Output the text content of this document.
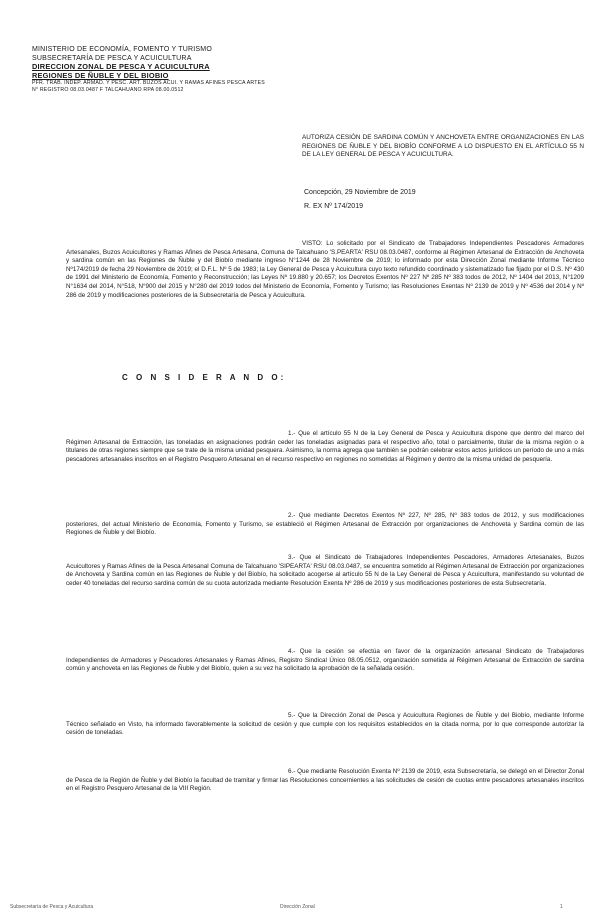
MINISTERIO DE ECONOMÍA, FOMENTO Y TURISMO
SUBSECRETARÍA DE PESCA Y ACUICULTURA
DIRECCION ZONAL DE PESCA Y ACUICULTURA
REGIONES DE ÑUBLE Y DEL BIOBIO
PFR. TRAB. INDEP. ARMAD. Y PESC. ART. BUZOS ACUI. Y RAMAS AFINES PESCA ARTES
N° REGISTRO 08.03.0487 F TALCAHUANO RPA 08.00.0512
AUTORIZA CESIÓN DE SARDINA COMÚN Y ANCHOVETA ENTRE ORGANIZACIONES EN LAS REGIONES DE ÑUBLE Y DEL BIOBÍO CONFORME A LO DISPUESTO EN EL ARTÍCULO 55 N DE LA LEY GENERAL DE PESCA Y ACUICULTURA.
Concepción, 29 Noviembre de 2019
R. EX Nº 174/2019
VISTO: Lo solicitado por el Sindicato de Trabajadores Independientes Pescadores Armadores Artesanales, Buzos Acuicultores y Ramas Afines de Pesca Artesana, Comuna de Talcahuano 'S.PEARTA' RSU 08.03.0487, conforme al Régimen Artesanal de Extracción de Anchoveta y sardina común en las Regiones de Ñuble y del Biobío mediante ingreso N°1244 de 28 Noviembre de 2019; lo informado por esta Dirección Zonal mediante Informe Técnico Nº174/2019 de fecha 29 Noviembre de 2019; el D.F.L. Nº 5 de 1983; la Ley General de Pesca y Acuicultura cuyo texto refundido coordinado y sistematizado fue fijado por el D.S. Nº 430 de 1991 del Ministerio de Economía, Fomento y Reconstrucción; las Leyes Nº 19.880 y 20.657; los Decretos Exentos Nº 227 Nº 285 Nº 383 todos de 2012, Nº 1404 del 2013, N°1209 N°1634 del 2014, N°518, N°900 del 2015 y N°280 del 2019 todos del Ministerio de Economía, Fomento y Turismo; las Resoluciones Exentas Nº 2139 de 2019 y Nº 4536 del 2014 y Nº 286 de 2019 y modificaciones posteriores de la Subsecretaría de Pesca y Acuicultura.
C O N S I D E R A N D O:
1.- Que el artículo 55 N de la Ley General de Pesca y Acuicultura dispone que dentro del marco del Régimen Artesanal de Extracción, las toneladas en asignaciones podrán ceder las toneladas asignadas para el respectivo año, total o parcialmente, titular de la misma región o a titulares de otras regiones siempre que se trate de la misma unidad pesquera. Asimismo, la norma agrega que también se podrán celebrar estos actos jurídicos un período de uno a más pescadores artesanales inscritos en el Registro Pesquero Artesanal en el recurso respectivo en regiones no sometidas al Régimen y dentro de la misma unidad de pesquería.
2.- Que mediante Decretos Exentos Nº 227, Nº 285, Nº 383 todos de 2012, y sus modificaciones posteriores, del actual Ministerio de Economía, Fomento y Turismo, se estableció el Régimen Artesanal de Extracción por organizaciones de Anchoveta y Sardina común de las Regiones de Ñuble y del Biobío.
3.- Que el Sindicato de Trabajadores Independientes Pescadores, Armadores Artesanales, Buzos Acuicultores y Ramas Afines de la Pesca Artesanal Comuna de Talcahuano 'SIPEARTA' RSU 08.03.0487, se encuentra sometido al Régimen Artesanal de Extracción por organizaciones de Anchoveta y Sardina común en las Regiones de Ñuble y del Biobío, ha solicitado acogerse al artículo 55 N de la Ley General de Pesca y Acuicultura, manifestando su voluntad de ceder 40 toneladas del recurso sardina común de su cuota autorizada mediante Resolución Exenta Nº 286 de 2019 y sus modificaciones posteriores de esta Subsecretaría.
4.- Que la cesión se efectúa en favor de la organización artesanal Sindicato de Trabajadores Independientes de Armadores y Pescadores Artesanales y Ramas Afines, Registro Sindical Único 08.05.0512, organización sometida al Régimen Artesanal de Extracción de sardina común y anchoveta en las Regiones de Ñuble y del Biobío, quien a su vez ha solicitado la aprobación de la señalada cesión.
5.- Que la Dirección Zonal de Pesca y Acuicultura Regiones de Ñuble y del Biobío, mediante Informe Técnico señalado en Visto, ha informado favorablemente la solicitud de cesión y que cumple con los requisitos establecidos en la citada norma, por lo que corresponde autorizar la cesión de toneladas.
6.- Que mediante Resolución Exenta Nº 2139 de 2019, esta Subsecretaría, se delegó en el Director Zonal de Pesca de la Región de Ñuble y del Biobío la facultad de tramitar y firmar las Resoluciones concernientes a las solicitudes de cesión de cuotas entre pescadores artesanales inscritos en el Registro Pesquero Artesanal de la VIII Región.
Subsecretaría de Pesca y Acuicultura	Dirección Zonal	1
